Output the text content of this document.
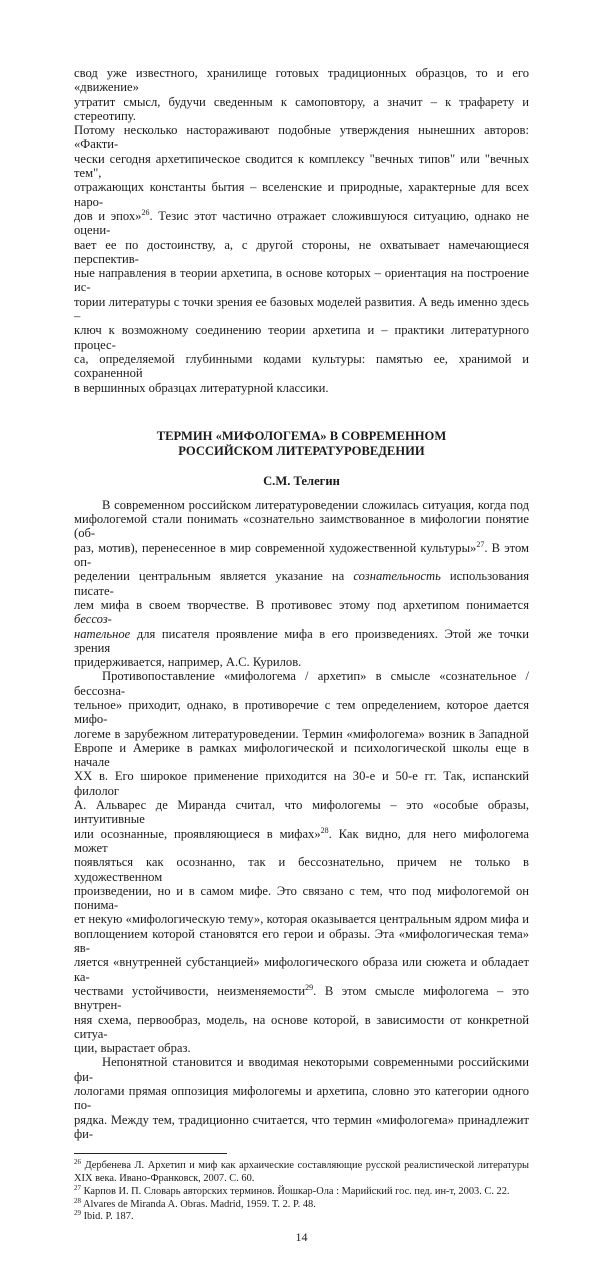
свод уже известного, хранилище готовых традиционных образцов, то и его «движение»
утратит смысл, будучи сведенным к самоповтору, а значит – к трафарету и стереотипу.
Потому несколько настораживают подобные утверждения нынешних авторов: «Факти-
чески сегодня архетипическое сводится к комплексу "вечных типов" или "вечных тем",
отражающих константы бытия – вселенские и природные, характерные для всех наро-
дов и эпох»$^{26}$. Тезис этот частично отражает сложившуюся ситуацию, однако не оцени-
вает ее по достоинству, а, с другой стороны, не охватывает намечающиеся перспектив-
ные направления в теории архетипа, в основе которых – ориентация на построение ис-
тории литературы с точки зрения ее базовых моделей развития. А ведь именно здесь –
ключ к возможному соединению теории архетипа и – практики литературного процес-
са, определяемой глубинными кодами культуры: памятью ее, хранимой и сохраненной
в вершинных образцах литературной классики.
ТЕРМИН «МИФОЛОГЕМА» В СОВРЕМЕННОМ
РОССИЙСКОМ ЛИТЕРАТУРОВЕДЕНИИ
С.М. Телегин
В современном российском литературоведении сложилась ситуация, когда под
мифологемой стали понимать «сознательно заимствованное в мифологии понятие (об-
раз, мотив), перенесенное в мир современной художественной культуры»$^{27}$. В этом оп-
ределении центральным является указание на сознательность использования писате-
лем мифа в своем творчестве. В противовес этому под архетипом понимается бессоз-
нательное для писателя проявление мифа в его произведениях. Этой же точки зрения
придерживается, например, А.С. Курилов.
Противопоставление «мифологема / архетип» в смысле «сознательное / бессозна-
тельное» приходит, однако, в противоречие с тем определением, которое дается мифо-
логеме в зарубежном литературоведении. Термин «мифологема» возник в Западной
Европе и Америке в рамках мифологической и психологической школы еще в начале
XX в. Его широкое применение приходится на 30-е и 50-е гг. Так, испанский филолог
А. Альварес де Миранда считал, что мифологемы – это «особые образы, интуитивные
или осознанные, проявляющиеся в мифах»$^{28}$. Как видно, для него мифологема может
появляться как осознанно, так и бессознательно, причем не только в художественном
произведении, но и в самом мифе. Это связано с тем, что под мифологемой он понима-
ет некую «мифологическую тему», которая оказывается центральным ядром мифа и
воплощением которой становятся его герои и образы. Эта «мифологическая тема» яв-
ляется «внутренней субстанцией» мифологического образа или сюжета и обладает ка-
чествами устойчивости, неизменяемости$^{29}$. В этом смысле мифологема – это внутрен-
няя схема, первообраз, модель, на основе которой, в зависимости от конкретной ситуа-
ции, вырастает образ.
Непонятной становится и вводимая некоторыми современными российскими фи-
лологами прямая оппозиция мифологемы и архетипа, словно это категории одного по-
рядка. Между тем, традиционно считается, что термин «мифологема» принадлежит фи-
$^{26}$ Дербенева Л. Архетип и миф как архаические составляющие русской реалистической литературы
XIX века. Ивано-Франковск, 2007. С. 60.
$^{27}$ Карпов И. П. Словарь авторских терминов. Йошкар-Ола : Марийский гос. пед. ин-т, 2003. С. 22.
$^{28}$ Alvares de Miranda A. Obras. Madrid, 1959. T. 2. P. 48.
$^{29}$ Ibid. P. 187.
14
